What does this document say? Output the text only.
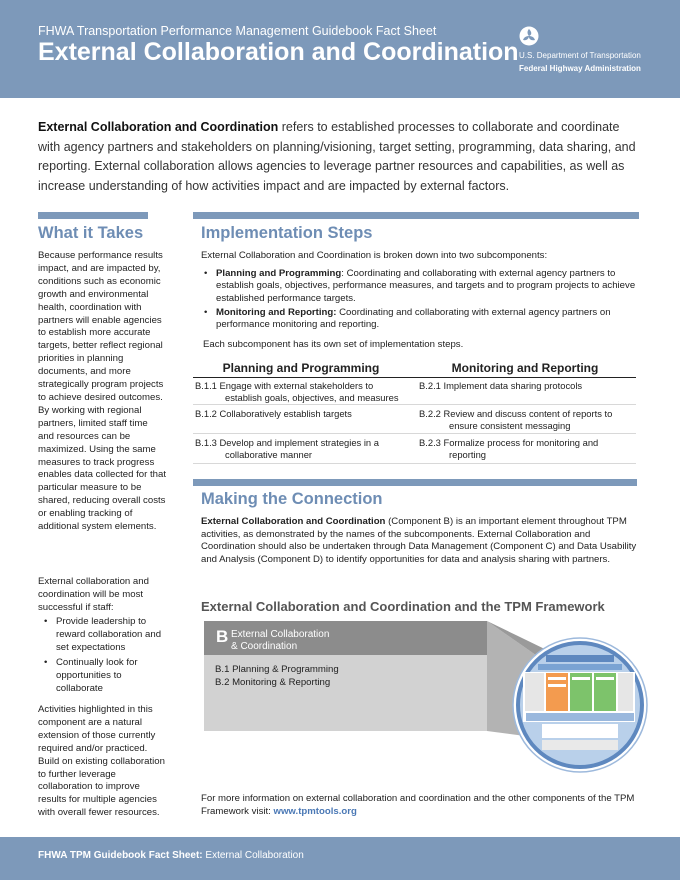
FHWA Transportation Performance Management Guidebook Fact Sheet
External Collaboration and Coordination U.S. Department of Transportation
Federal Highway Administration
External Collaboration and Coordination refers to established processes to collaborate and coordinate with agency partners and stakeholders on planning/visioning, target setting, programming, data sharing, and reporting. External collaboration allows agencies to leverage partner resources and capabilities, as well as increase understanding of how activities impact and are impacted by external factors.
What it Takes
Because performance results impact, and are impacted by, conditions such as economic growth and environmental health, coordination with partners will enable agencies to establish more accurate targets, better reflect regional priorities in planning documents, and more strategically program projects to achieve desired outcomes. By working with regional partners, limited staff time and resources can be maximized. Using the same measures to track progress enables data collected for that particular measure to be shared, reducing overall costs or enabling tracking of additional system elements.
External collaboration and coordination will be most successful if staff:
• Provide leadership to reward collaboration and set expectations
• Continually look for opportunities to collaborate
Activities highlighted in this component are a natural extension of those currently required and/or practiced. Build on existing collaboration to further leverage collaboration to improve results for multiple agencies with overall fewer resources.
Implementation Steps
External Collaboration and Coordination is broken down into two subcomponents:
• Planning and Programming: Coordinating and collaborating with external agency partners to establish goals, objectives, performance measures, and targets and to program projects to achieve established performance targets.
• Monitoring and Reporting: Coordinating and collaborating with external agency partners on performance monitoring and reporting.
Each subcomponent has its own set of implementation steps.
Planning and Programming	Monitoring and Reporting
B.1.1 Engage with external stakeholders to
establish goals, objectives, and measures
B.2.1 Implement data sharing protocols
B.1.2 Collaboratively establish targets	B.2.2 Review and discuss content of reports to
ensure consistent messaging
B.1.3 Develop and implement strategies in a
collaborative manner
B.2.3 Formalize process for monitoring and
reporting
Making the Connection
External Collaboration and Coordination (Component B) is an important element throughout TPM activities, as demonstrated by the names of the subcomponents. External Collaboration and Coordination should also be undertaken through Data Management (Component C) and Data Usability and Analysis (Component D) to identify opportunities for data and analysis sharing with partners.
External Collaboration and Coordination and the TPM Framework
B External Collaboration
& Coordination
B.1 Planning & Programming
B.2 Monitoring & Reporting
For more information on external collaboration and coordination and the other components of the TPM Framework visit: www.tpmtools.org
FHWA TPM Guidebook Fact Sheet: External Collaboration
